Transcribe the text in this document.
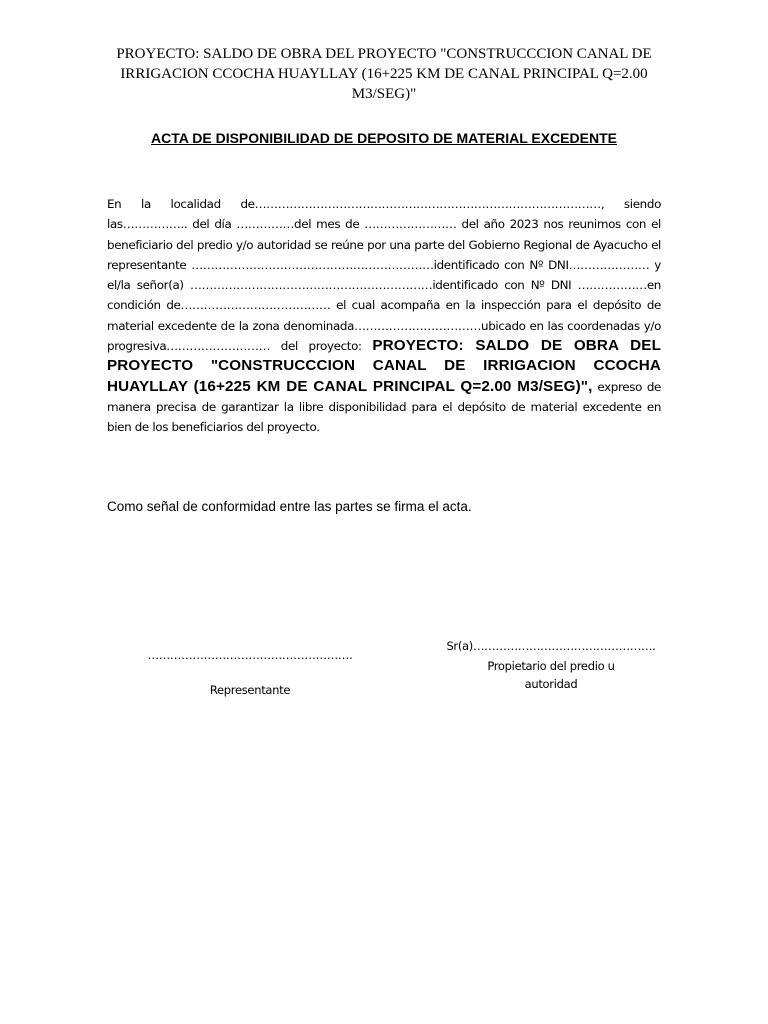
PROYECTO: SALDO DE OBRA DEL PROYECTO "CONSTRUCCCION CANAL DE
IRRIGACION CCOCHA HUAYLLAY (16+225 KM DE CANAL PRINCIPAL Q=2.00 M3/SEG)"
ACTA DE DISPONIBILIDAD DE DEPOSITO DE MATERIAL EXCEDENTE
En la localidad de………………………………………………………………………………, siendo las…………….. del día ……………del mes de …………………… del año 2023 nos reunimos con el beneficiario del predio y/o autoridad se reúne por una parte del Gobierno Regional de Ayacucho el representante ………………………………………………………identificado con Nº DNI………………… y el/la señor(a) ………………………………………………………identificado con Nº DNI ………………en condición de………………………………… el cual acompaña en la inspección para el depósito de material excedente de la zona denominada……………………………ubicado en las coordenadas y/o progresiva……………………… del proyecto: PROYECTO: SALDO DE OBRA DEL PROYECTO "CONSTRUCCCION CANAL DE IRRIGACION CCOCHA HUAYLLAY (16+225 KM DE CANAL PRINCIPAL Q=2.00 M3/SEG)", expreso de manera precisa de garantizar la libre disponibilidad para el depósito de material excedente en bien de los beneficiarios del proyecto.
Como señal de conformidad entre las partes se firma el acta.
……………………………………………….
Representante
Sr(a)………………………………………….
Propietario del predio u autoridad
